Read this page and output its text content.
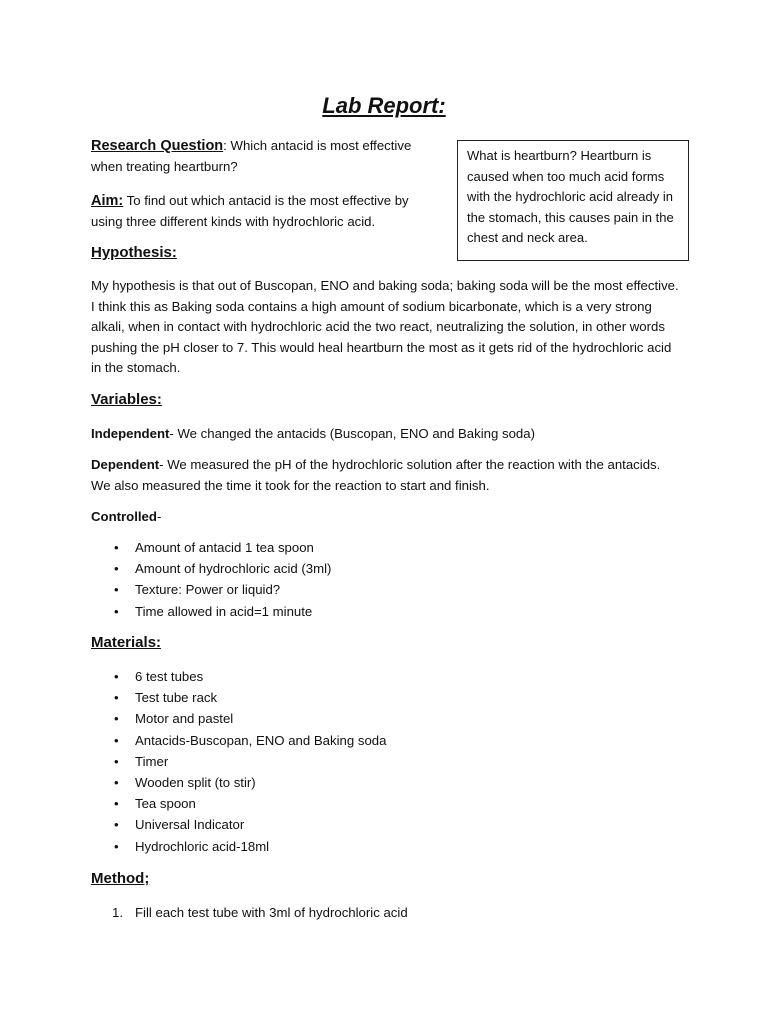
Lab Report:
Research Question: Which antacid is most effective when treating heartburn?
Aim: To find out which antacid is the most effective by using three different kinds with hydrochloric acid.
What is heartburn? Heartburn is caused when too much acid forms with the hydrochloric acid already in the stomach, this causes pain in the chest and neck area.
Hypothesis:
My hypothesis is that out of Buscopan, ENO and baking soda; baking soda will be the most effective. I think this as Baking soda contains a high amount of sodium bicarbonate, which is a very strong alkali, when in contact with hydrochloric acid the two react, neutralizing the solution, in other words pushing the pH closer to 7. This would heal heartburn the most as it gets rid of the hydrochloric acid in the stomach.
Variables:
Independent- We changed the antacids (Buscopan, ENO and Baking soda)
Dependent- We measured the pH of the hydrochloric solution after the reaction with the antacids. We also measured the time it took for the reaction to start and finish.
Controlled-
• Amount of antacid 1 tea spoon
• Amount of hydrochloric acid (3ml)
• Texture: Power or liquid?
• Time allowed in acid=1 minute
Materials:
• 6 test tubes
• Test tube rack
• Motor and pastel
• Antacids-Buscopan, ENO and Baking soda
• Timer
• Wooden split (to stir)
• Tea spoon
• Universal Indicator
• Hydrochloric acid-18ml
Method;
1. Fill each test tube with 3ml of hydrochloric acid
